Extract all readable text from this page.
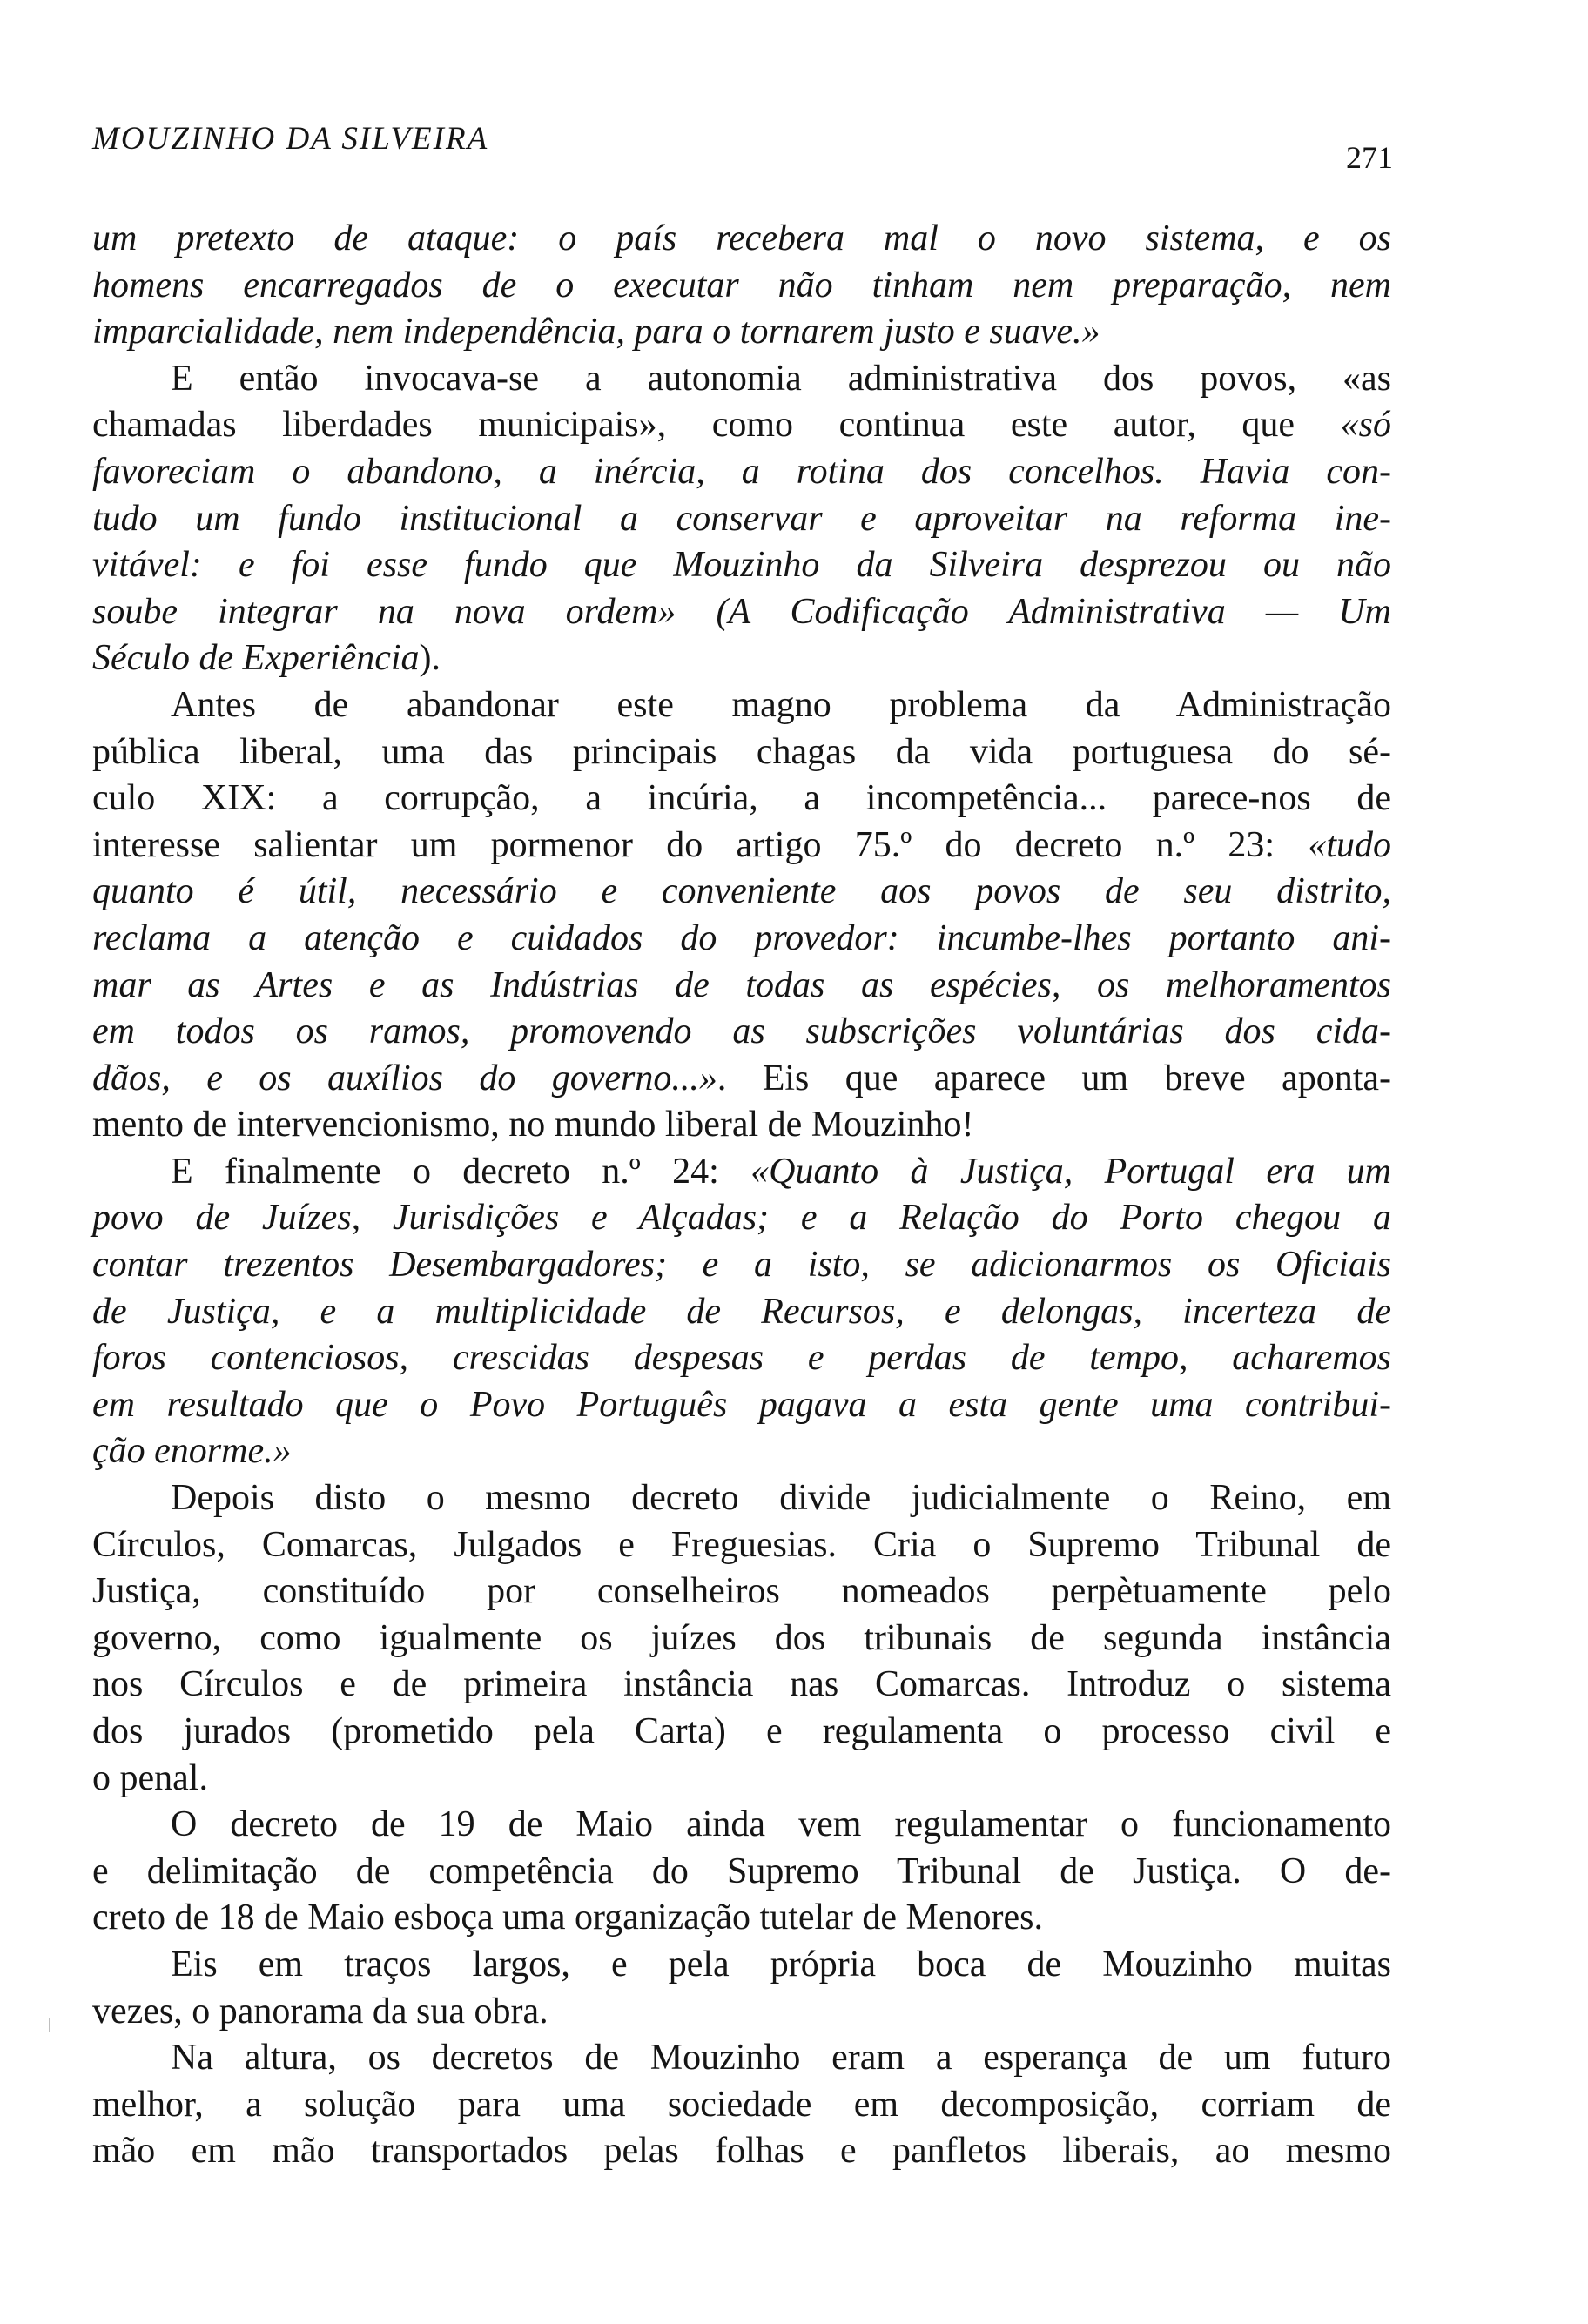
MOUZINHO DA SILVEIRA
271
um pretexto de ataque: o país recebera mal o novo sistema, e os
homens encarregados de o executar não tinham nem preparação, nem
imparcialidade, nem independência, para o tornarem justo e suave.»
E então invocava-se a autonomia administrativa dos povos, «as
chamadas liberdades municipais», como continua este autor, que «só
favoreciam o abandono, a inércia, a rotina dos concelhos. Havia con-
tudo um fundo institucional a conservar e aproveitar na reforma ine-
vitável: e foi esse fundo que Mouzinho da Silveira desprezou ou não
soube integrar na nova ordem» (A Codificação Administrativa — Um
Século de Experiência).
Antes de abandonar este magno problema da Administração
pública liberal, uma das principais chagas da vida portuguesa do sé-
culo XIX: a corrupção, a incúria, a incompetência... parece-nos de
interesse salientar um pormenor do artigo 75.º do decreto n.º 23: «tudo
quanto é útil, necessário e conveniente aos povos de seu distrito,
reclama a atenção e cuidados do provedor: incumbe-lhes portanto ani-
mar as Artes e as Indústrias de todas as espécies, os melhoramentos
em todos os ramos, promovendo as subscrições voluntárias dos cida-
dãos, e os auxílios do governo...». Eis que aparece um breve aponta-
mento de intervencionismo, no mundo liberal de Mouzinho!
E finalmente o decreto n.º 24: «Quanto à Justiça, Portugal era um
povo de Juízes, Jurisdições e Alçadas; e a Relação do Porto chegou a
contar trezentos Desembargadores; e a isto, se adicionarmos os Oficiais
de Justiça, e a multiplicidade de Recursos, e delongas, incerteza de
foros contenciosos, crescidas despesas e perdas de tempo, acharemos
em resultado que o Povo Português pagava a esta gente uma contribui-
ção enorme.»
Depois disto o mesmo decreto divide judicialmente o Reino, em
Círculos, Comarcas, Julgados e Freguesias. Cria o Supremo Tribunal de
Justiça, constituído por conselheiros nomeados perpètuamente pelo
governo, como igualmente os juízes dos tribunais de segunda instância
nos Círculos e de primeira instância nas Comarcas. Introduz o sistema
dos jurados (prometido pela Carta) e regulamenta o processo civil e
o penal.
O decreto de 19 de Maio ainda vem regulamentar o funcionamento
e delimitação de competência do Supremo Tribunal de Justiça. O de-
creto de 18 de Maio esboça uma organização tutelar de Menores.
Eis em traços largos, e pela própria boca de Mouzinho muitas
vezes, o panorama da sua obra.
Na altura, os decretos de Mouzinho eram a esperança de um futuro
melhor, a solução para uma sociedade em decomposição, corriam de
mão em mão transportados pelas folhas e panfletos liberais, ao mesmo
